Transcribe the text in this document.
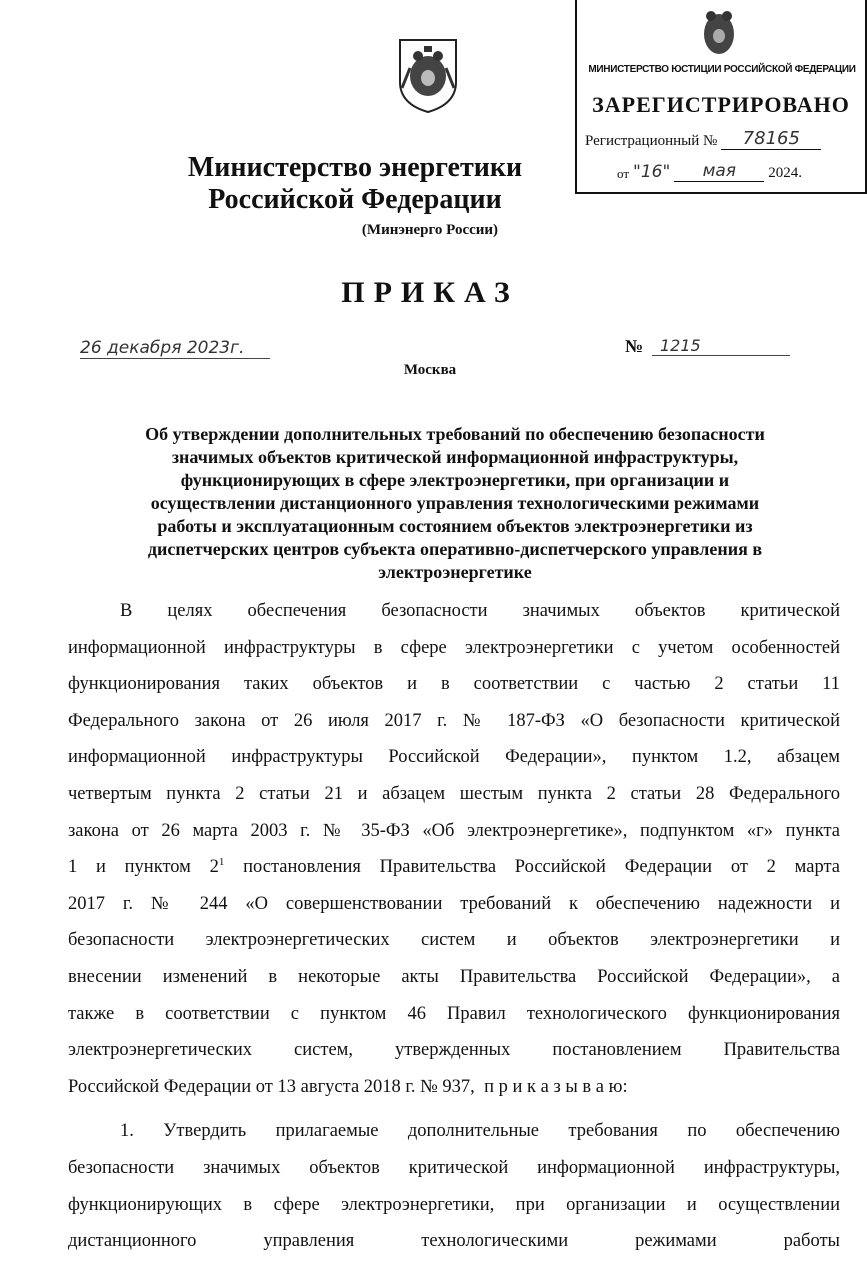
Министерство энергетики
Российской Федерации
(Минэнерго России)
ПРИКАЗ
26 декабря 2023г.	№	1215
Москва
МИНИСТЕРСТВО ЮСТИЦИИ РОССИЙСКОЙ ФЕДЕРАЦИИ
ЗАРЕГИСТРИРОВАНО
Регистрационный №	78165
от "16"	мая	2024.
Об утверждении дополнительных требований по обеспечению безопасности
значимых объектов критической информационной инфраструктуры,
функционирующих в сфере электроэнергетики, при организации и
осуществлении дистанционного управления технологическими режимами
работы и эксплуатационным состоянием объектов электроэнергетики из
диспетчерских центров субъекта оперативно-диспетчерского управления в
электроэнергетике
В целях обеспечения безопасности значимых объектов критической
информационной инфраструктуры в сфере электроэнергетики с учетом особенностей
функционирования таких объектов и в соответствии с частью 2 статьи 11
Федерального закона от 26 июля 2017 г. № 187-ФЗ «О безопасности критической
информационной инфраструктуры Российской Федерации», пунктом 1.2, абзацем
четвертым пункта 2 статьи 21 и абзацем шестым пункта 2 статьи 28 Федерального
закона от 26 марта 2003 г. № 35-ФЗ «Об электроэнергетике», подпунктом «г» пункта
1 и пунктом $2^1$ постановления Правительства Российской Федерации от 2 марта
2017 г. № 244 «О совершенствовании требований к обеспечению надежности и
безопасности электроэнергетических систем и объектов электроэнергетики и
внесении изменений в некоторые акты Правительства Российской Федерации», а
также в соответствии с пунктом 46 Правил технологического функционирования
электроэнергетических систем, утвержденных постановлением Правительства
Российской Федерации от 13 августа 2018 г. № 937, п р и к а з ы в а ю:
1. Утвердить прилагаемые дополнительные требования по обеспечению
безопасности значимых объектов критической информационной инфраструктуры,
функционирующих в сфере электроэнергетики, при организации и осуществлении
дистанционного управления технологическими режимами работы
